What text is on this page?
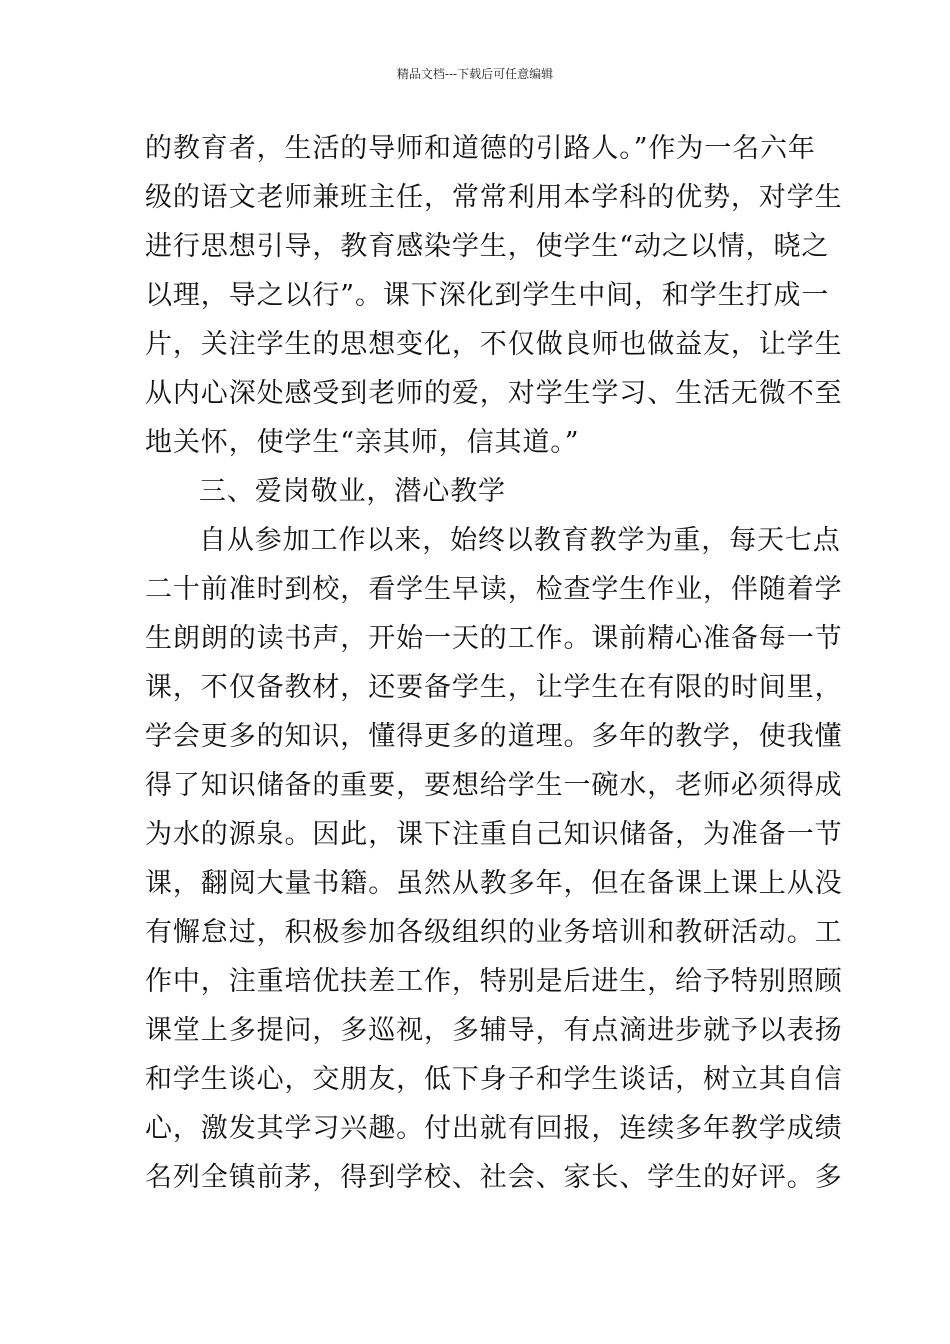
精品文档---下载后可任意编辑
的教育者，生活的导师和道德的引路人。”作为一名六年
级的语文老师兼班主任，常常利用本学科的优势，对学生
进行思想引导，教育感染学生，使学生“动之以情，晓之
以理，导之以行”。课下深化到学生中间，和学生打成一
片，关注学生的思想变化，不仅做良师也做益友，让学生
从内心深处感受到老师的爱，对学生学习、生活无微不至
地关怀，使学生“亲其师，信其道。”
三、爱岗敬业，潜心教学
自从参加工作以来，始终以教育教学为重，每天七点
二十前准时到校，看学生早读，检查学生作业，伴随着学
生朗朗的读书声，开始一天的工作。课前精心准备每一节
课，不仅备教材，还要备学生，让学生在有限的时间里，
学会更多的知识，懂得更多的道理。多年的教学，使我懂
得了知识储备的重要，要想给学生一碗水，老师必须得成
为水的源泉。因此，课下注重自己知识储备，为准备一节
课，翻阅大量书籍。虽然从教多年，但在备课上课上从没
有懈怠过，积极参加各级组织的业务培训和教研活动。工
作中，注重培优扶差工作，特别是后进生，给予特别照顾
课堂上多提问，多巡视，多辅导，有点滴进步就予以表扬
和学生谈心，交朋友，低下身子和学生谈话，树立其自信
心，激发其学习兴趣。付出就有回报，连续多年教学成绩
名列全镇前茅，得到学校、社会、家长、学生的好评。多
